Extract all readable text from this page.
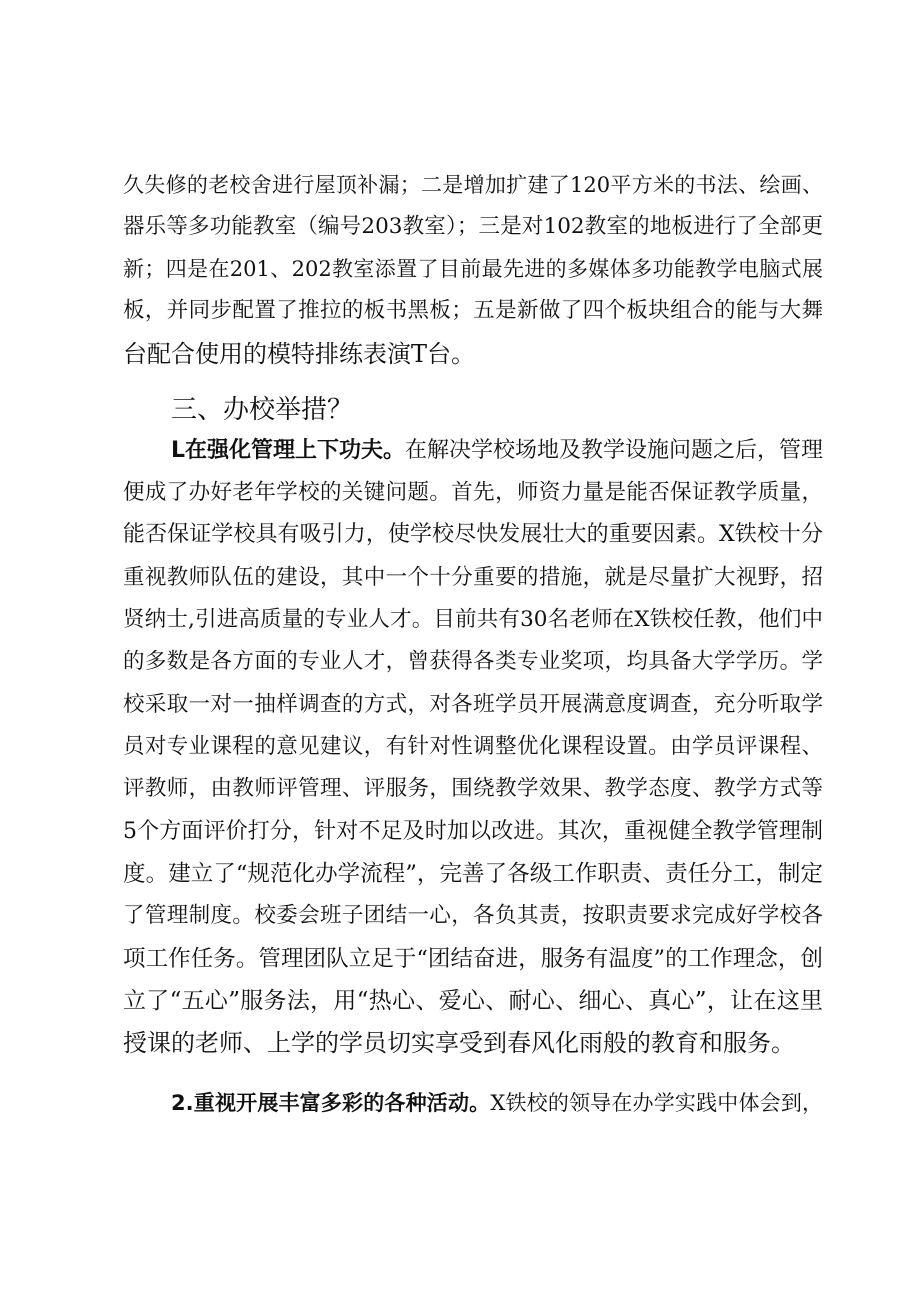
久失修的老校舍进行屋顶补漏；二是增加扩建了120平方米的书法、绘画、
器乐等多功能教室（编号203教室）；三是对102教室的地板进行了全部更
新；四是在201、202教室添置了目前最先进的多媒体多功能教学电脑式展
板，并同步配置了推拉的板书黑板；五是新做了四个板块组合的能与大舞
台配合使用的模特排练表演T台。
三、办校举措？
L在强化管理上下功夫。在解决学校场地及教学设施问题之后，管理
便成了办好老年学校的关键问题。首先，师资力量是能否保证教学质量，
能否保证学校具有吸引力，使学校尽快发展壮大的重要因素。X铁校十分
重视教师队伍的建设，其中一个十分重要的措施，就是尽量扩大视野，招
贤纳士,引进高质量的专业人才。目前共有30名老师在X铁校任教，他们中
的多数是各方面的专业人才，曾获得各类专业奖项，均具备大学学历。学
校采取一对一抽样调查的方式，对各班学员开展满意度调查，充分听取学
员对专业课程的意见建议，有针对性调整优化课程设置。由学员评课程、
评教师，由教师评管理、评服务，围绕教学效果、教学态度、教学方式等
5个方面评价打分，针对不足及时加以改进。其次，重视健全教学管理制
度。建立了“规范化办学流程”，完善了各级工作职责、责任分工，制定
了管理制度。校委会班子团结一心，各负其责，按职责要求完成好学校各
项工作任务。管理团队立足于“团结奋进，服务有温度”的工作理念，创
立了“五心”服务法，用“热心、爱心、耐心、细心、真心”，让在这里
授课的老师、上学的学员切实享受到春风化雨般的教育和服务。
2.重视开展丰富多彩的各种活动。X铁校的领导在办学实践中体会到，
